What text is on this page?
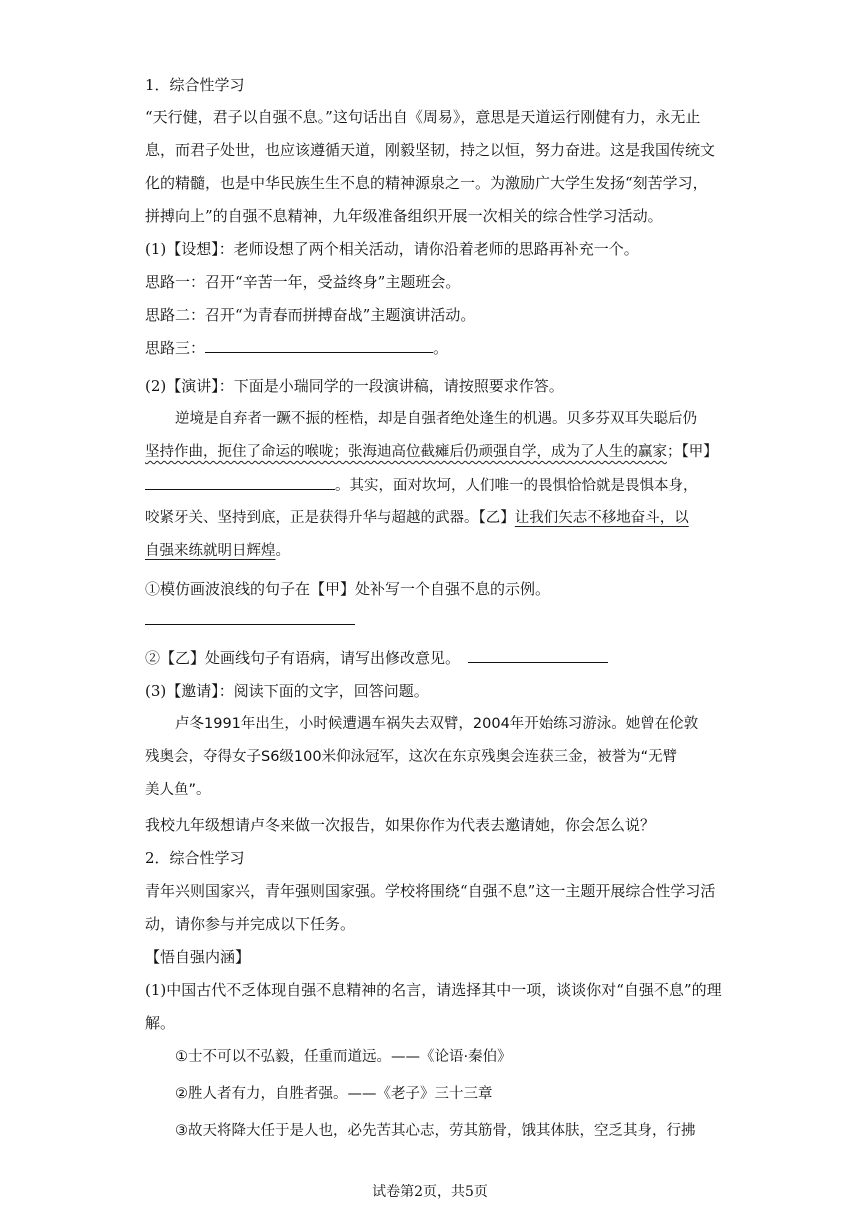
1．综合性学习
“天行健，君子以自强不息。”这句话出自《周易》，意思是天道运行刚健有力，永无止
息，而君子处世，也应该遵循天道，刚毅坚韧，持之以恒，努力奋进。这是我国传统文
化的精髓，也是中华民族生生不息的精神源泉之一。为激励广大学生发扬“刻苦学习，
拼搏向上”的自强不息精神，九年级准备组织开展一次相关的综合性学习活动。
(1)【设想】：老师设想了两个相关活动，请你沿着老师的思路再补充一个。
思路一：召开“辛苦一年，受益终身”主题班会。
思路二：召开“为青春而拼搏奋战”主题演讲活动。
思路三：	。
(2)【演讲】：下面是小瑞同学的一段演讲稿，请按照要求作答。
逆境是自弃者一蹶不振的桎梏，却是自强者绝处逢生的机遇。贝多芬双耳失聪后仍
坚持作曲，扼住了命运的喉咙；张海迪高位截瘫后仍顽强自学，成为了人生的赢家；【甲】
。其实，面对坎坷，人们唯一的畏惧恰恰就是畏惧本身，
咬紧牙关、坚持到底，正是获得升华与超越的武器。【乙】让我们矢志不移地奋斗，以
自强来练就明日辉煌。
①模仿画波浪线的句子在【甲】处补写一个自强不息的示例。
②【乙】处画线句子有语病，请写出修改意见。
(3)【邀请】：阅读下面的文字，回答问题。
卢冬1991年出生，小时候遭遇车祸失去双臂，2004年开始练习游泳。她曾在伦敦
残奥会，夺得女子S6级100米仰泳冠军，这次在东京残奥会连获三金，被誉为“无臂
美人鱼”。
我校九年级想请卢冬来做一次报告，如果你作为代表去邀请她，你会怎么说？
2．综合性学习
青年兴则国家兴，青年强则国家强。学校将围绕“自强不息”这一主题开展综合性学习活
动，请你参与并完成以下任务。
【悟自强内涵】
(1)中国古代不乏体现自强不息精神的名言，请选择其中一项，谈谈你对“自强不息”的理
解。
①士不可以不弘毅，任重而道远。——《论语·秦伯》
②胜人者有力，自胜者强。——《老子》三十三章
③故天将降大任于是人也，必先苦其心志，劳其筋骨，饿其体肤，空乏其身，行拂
试卷第2页，共5页
